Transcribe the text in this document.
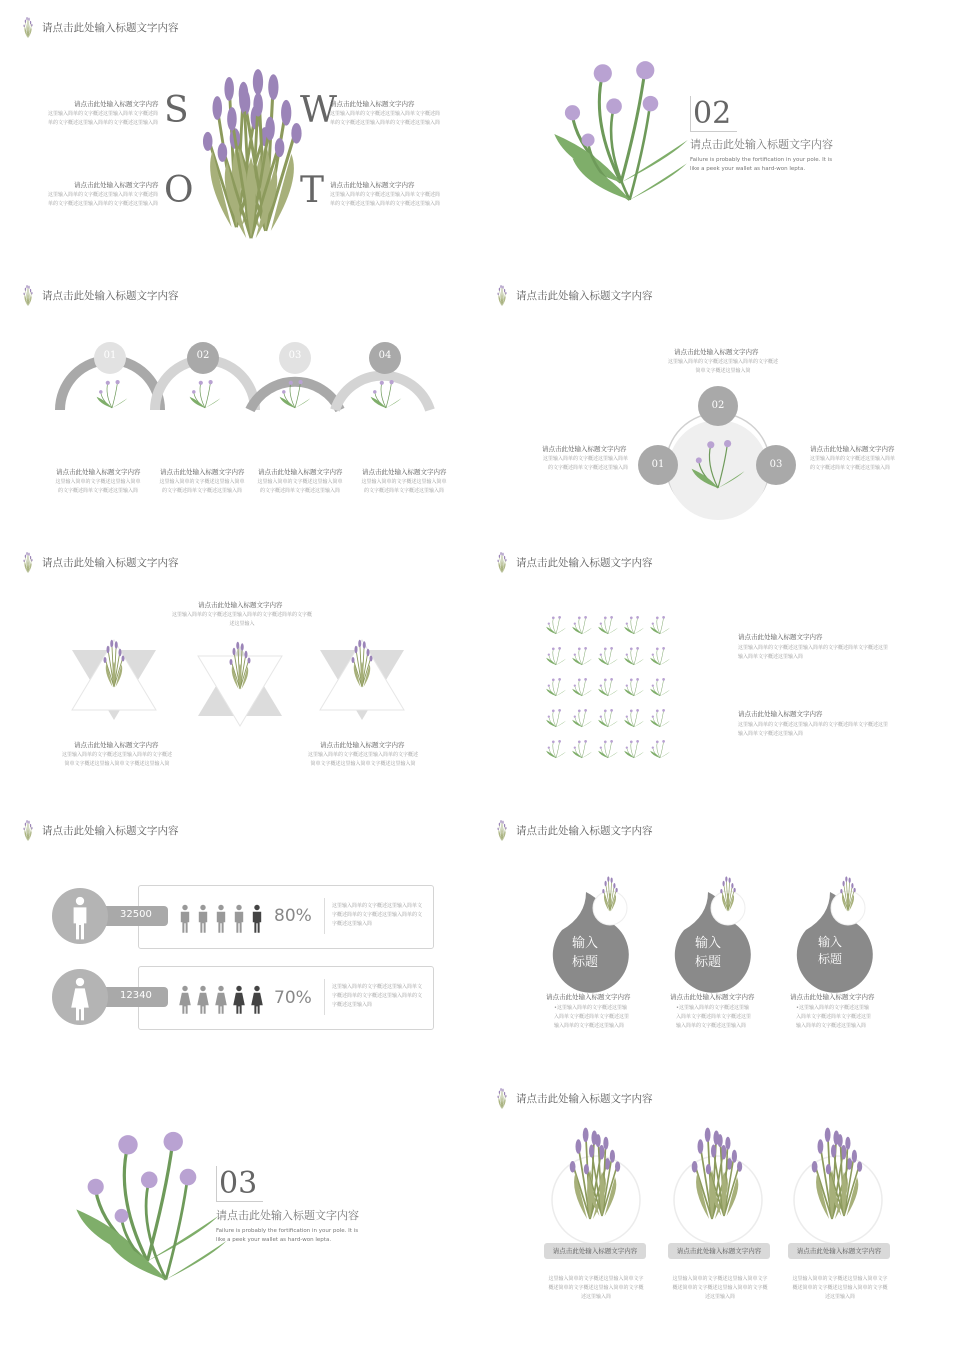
请点击此处输入标题文字内容
请点击此处输入标题文字内容
这里输入简单的文字概述这里输入简单文字概述简单的文字概述这里输入简单的文字概述这里输入简
请点击此处输入标题文字内容
这里输入简单的文字概述这里输入简单文字概述简单的文字概述这里输入简单的文字概述这里输入简
S
O
W
T
请点击此处输入标题文字内容
这里输入简单的文字概述这里输入简单文字概述简单的文字概述这里输入简单的文字概述这里输入简
请点击此处输入标题文字内容
这里输入简单的文字概述这里输入简单文字概述简单的文字概述这里输入简单的文字概述这里输入简
02
请点击此处输入标题文字内容
Failure is probably the fortification in your pole. It is like a peek your wallet as hard-won lepta.
请点击此处输入标题文字内容
01	02	03	04
请点击此处输入标题文字内容
这里输入简单的文字概述这里输入简单的文字概述简单文字概述这里输入简
请点击此处输入标题文字内容
这里输入简单的文字概述这里输入简单的文字概述简单文字概述这里输入简
请点击此处输入标题文字内容
这里输入简单的文字概述这里输入简单的文字概述简单文字概述这里输入简
请点击此处输入标题文字内容
这里输入简单的文字概述这里输入简单的文字概述简单文字概述这里输入简
请点击此处输入标题文字内容
请点击此处输入标题文字内容
这里输入简单的文字概述这里输入简单的文字概述简单文字概述这里输入简
02
01	03
请点击此处输入标题文字内容
这里输入简单的文字概述这里输入简单的文字概述简单文字概述这里输入简
请点击此处输入标题文字内容
这里输入简单的文字概述这里输入简单的文字概述简单文字概述这里输入简
请点击此处输入标题文字内容
请点击此处输入标题文字内容
这里输入简单的文字概述这里输入简单的文字概述简单的文字概述这里输入
请点击此处输入标题文字内容
这里输入简单的文字概述这里输入简单的文字概述简单文字概述这里输入简单文字概述这里输入简
请点击此处输入标题文字内容
这里输入简单的文字概述这里输入简单的文字概述简单文字概述这里输入简单文字概述这里输入简
请点击此处输入标题文字内容
请点击此处输入标题文字内容
这里输入简单的文字概述这里输入简单的文字概述简单文字概述这里输入简单文字概述这里输入简
请点击此处输入标题文字内容
这里输入简单的文字概述这里输入简单的文字概述简单文字概述这里输入简单文字概述这里输入简
请点击此处输入标题文字内容
32500	80%	这里输入简单的文字概述这里输入简单文字概述简单的文字概述这里输入简单的文字概述这里输入简
12340	70%
这里输入简单的文字概述这里输入简单文字概述简单的文字概述这里输入简单的文字概述这里输入简
请点击此处输入标题文字内容
输入
标题
输入
标题
输入
标题
请点击此处输入标题文字内容
•这里输入简单的文字概述这里输入简单文字概述简单文字概述这里输入简单的文字概述这里输入简
请点击此处输入标题文字内容
•这里输入简单的文字概述这里输入简单文字概述简单文字概述这里输入简单的文字概述这里输入简
请点击此处输入标题文字内容
•这里输入简单的文字概述这里输入简单文字概述简单文字概述这里输入简单的文字概述这里输入简
03
请点击此处输入标题文字内容
Failure is probably the fortification in your pole. It is like a peek your wallet as hard-won lepta.
请点击此处输入标题文字内容
请点击此处输入标题文字内容	请点击此处输入标题文字内容	请点击此处输入标题文字内容
这里输入简单的文字概述这里输入简单文字概述简单的文字概述这里输入简单的文字概述这里输入简
这里输入简单的文字概述这里输入简单文字概述简单的文字概述这里输入简单的文字概述这里输入简
这里输入简单的文字概述这里输入简单文字概述简单的文字概述这里输入简单的文字概述这里输入简
